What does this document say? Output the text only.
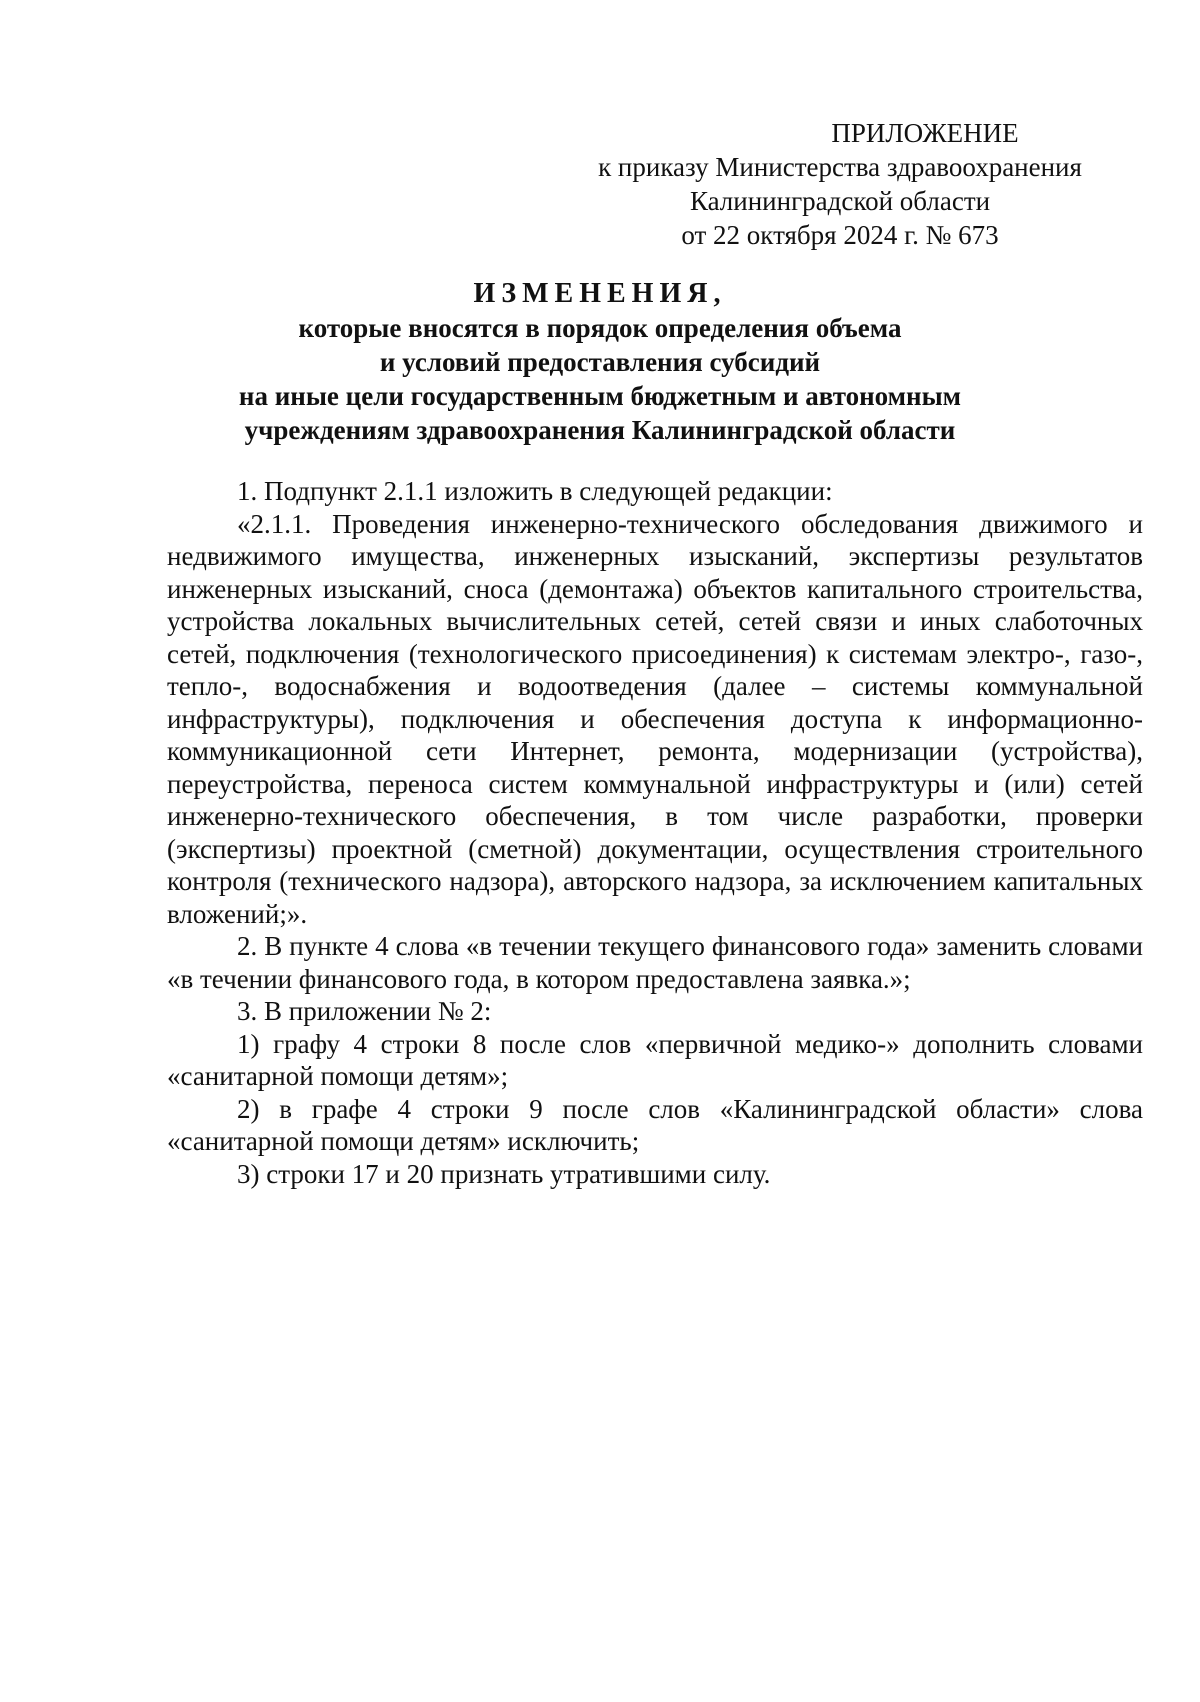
ПРИЛОЖЕНИЕ
к приказу Министерства здравоохранения
Калининградской области
от 22 октября 2024 г. № 673
ИЗМЕНЕНИЯ,
которые вносятся в порядок определения объема
и условий предоставления субсидий
на иные цели государственным бюджетным и автономным
учреждениям здравоохранения Калининградской области

1. Подпункт 2.1.1 изложить в следующей редакции:

«2.1.1. Проведения инженерно-технического обследования движимого и недвижимого имущества, инженерных изысканий, экспертизы результатов инженерных изысканий, сноса (демонтажа) объектов капитального строительства, устройства локальных вычислительных сетей, сетей связи и иных слаботочных сетей, подключения (технологического присоединения) к системам электро-, газо-, тепло-, водоснабжения и водоотведения (далее – системы коммунальной инфраструктуры), подключения и обеспечения доступа к информационно-коммуникационной сети Интернет, ремонта, модернизации (устройства), переустройства, переноса систем коммунальной инфраструктуры и (или) сетей инженерно-технического обеспечения, в том числе разработки, проверки (экспертизы) проектной (сметной) документации, осуществления строительного контроля (технического надзора), авторского надзора, за исключением капитальных вложений;».

2. В пункте 4 слова «в течении текущего финансового года» заменить словами «в течении финансового года, в котором предоставлена заявка.»;

3. В приложении № 2:

1) графу 4 строки 8 после слов «первичной медико-» дополнить словами «санитарной помощи детям»;

2) в графе 4 строки 9 после слов «Калининградской области» слова «санитарной помощи детям» исключить;

3) строки 17 и 20 признать утратившими силу.
